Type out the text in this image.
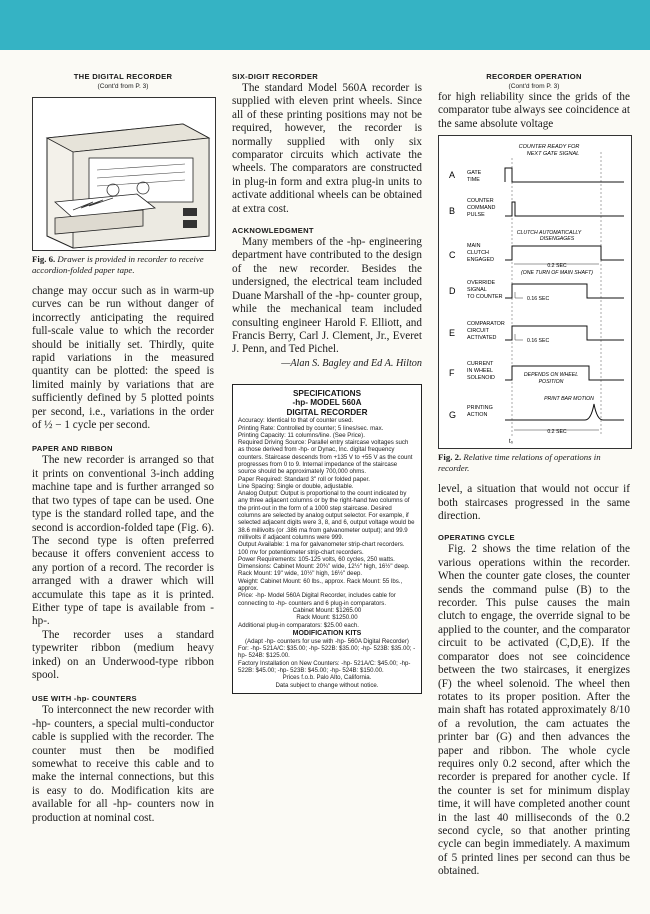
THE DIGITAL RECORDER

(Cont'd from P. 3)

Fig. 6. Drawer is provided in recorder to receive accordion-folded paper tape.

change may occur such as in warm-up curves can be run without danger of incorrectly anticipating the required full-scale value to which the recorder should be initially set. Thirdly, quite rapid variations in the measured quantity can be plotted: the speed is limited mainly by variations that are sufficiently defined by 5 plotted points per second, i.e., variations in the order of ½ − 1 cycle per second.

PAPER AND RIBBON

The new recorder is arranged so that it prints on conventional 3-inch adding machine tape and is further arranged so that two types of tape can be used. One type is the standard rolled tape, and the second is accordion-folded tape (Fig. 6). The second type is often preferred because it offers convenient access to any portion of a record. The recorder is arranged with a drawer which will accumulate this tape as it is printed. Either type of tape is available from -hp-.

The recorder uses a standard typewriter ribbon (medium heavy inked) on an Underwood-type ribbon spool.

USE WITH -hp- COUNTERS

To interconnect the new recorder with -hp- counters, a special multi-conductor cable is supplied with the recorder. The counter must then be modified somewhat to receive this cable and to make the internal connections, but this is easy to do. Modification kits are available for all -hp- counters now in production at nominal cost.

SIX-DIGIT RECORDER

The standard Model 560A recorder is supplied with eleven print wheels. Since all of these printing positions may not be required, however, the recorder is normally supplied with only six comparator circuits which activate the wheels. The comparators are constructed in plug-in form and extra plug-in units to activate additional wheels can be obtained at extra cost.

ACKNOWLEDGMENT

Many members of the -hp- engineering department have contributed to the design of the new recorder. Besides the undersigned, the electrical team included Duane Marshall of the -hp- counter group, while the mechanical team included consulting engineer Harold F. Elliott, and Francis Berry, Carl J. Clement, Jr., Everet J. Penn, and Ted Pichel.

—Alan S. Bagley and Ed A. Hilton

SPECIFICATIONS

-hp- MODEL 560A

DIGITAL RECORDER

Accuracy: Identical to that of counter used.

Printing Rate: Controlled by counter; 5 lines/sec. max.

Printing Capacity: 11 columns/line. (See Price).

Required Driving Source: Parallel entry staircase voltages such as those derived from -hp- or Dynac, Inc. digital frequency counters. Staircase descends from +135 V to +55 V as the count progresses from 0 to 9. Internal impedance of the staircase source should be approximately 700,000 ohms.

Paper Required: Standard 3" roll or folded paper.

Line Spacing: Single or double, adjustable.

Analog Output: Output is proportional to the count indicated by any three adjacent columns or by the right-hand two columns of the print-out in the form of a 1000 step staircase. Desired columns are selected by analog output selector. For example, if selected adjacent digits were 3, 8, and 6, output voltage would be 38.6 millivolts (or .386 ma from galvanometer output); and 99.9 millivolts if adjacent columns were 999.

Output Available: 1 ma for galvanometer strip-chart recorders. 100 mv for potentiometer strip-chart recorders.

Power Requirements: 105-125 volts, 60 cycles, 250 watts.

Dimensions: Cabinet Mount: 20¾" wide, 12½" high, 16½" deep. Rack Mount: 19" wide, 10½" high, 16½" deep.

Weight: Cabinet Mount: 60 lbs., approx. Rack Mount: 55 lbs., approx.

Price: -hp- Model 560A Digital Recorder, includes cable for connecting to -hp- counters and 6 plug-in comparators.

Cabinet Mount: $1265.00

Rack Mount: $1250.00

Additional plug-in comparators: $25.00 each.

MODIFICATION KITS

(Adapt -hp- counters for use with -hp- 560A Digital Recorder)

For: -hp- 521A/C: $35.00; -hp- 522B: $35.00; -hp- 523B: $35.00; -hp- 524B: $125.00.

Factory Installation on New Counters: -hp- 521A/C: $45.00; -hp- 522B: $45.00; -hp- 523B: $45.00; -hp- 524B: $150.00.

Prices f.o.b. Palo Alto, California.

Data subject to change without notice.

RECORDER OPERATION

(Cont'd from P. 3)

for high reliability since the grids of the comparator tube always see coincidence at the same absolute voltage

COUNTER READY FOR
NEXT GATE SIGNAL
A GATE
TIME
B
COUNTER
COMMAND
PULSE
CLUTCH AUTOMATICALLY
DISENGAGES
C
MAIN
CLUTCH
ENGAGED
0.2 SEC
(ONE TURN OF MAIN SHAFT)
D
OVERRIDE
SIGNAL
TO COUNTER	0.16 SEC
E
COMPARATOR
CIRCUIT
ACTIVATED	0.16 SEC
F
CURRENT
IN WHEEL
SOLENOID	DEPENDS ON WHEEL
POSITION
G
PRINTING
ACTION
PRINT BAR MOTION
0.2 SEC
t₀

Fig. 2. Relative time relations of operations in recorder.

level, a situation that would not occur if both staircases progressed in the same direction.

OPERATING CYCLE

Fig. 2 shows the time relation of the various operations within the recorder. When the counter gate closes, the counter sends the command pulse (B) to the recorder. This pulse causes the main clutch to engage, the override signal to be applied to the counter, and the comparator circuit to be activated (C,D,E). If the comparator does not see coincidence between the two staircases, it energizes (F) the wheel solenoid. The wheel then rotates to its proper position. After the main shaft has rotated approximately 8/10 of a revolution, the cam actuates the printer bar (G) and then advances the paper and ribbon. The whole cycle requires only 0.2 second, after which the recorder is prepared for another cycle. If the counter is set for minimum display time, it will have completed another count in the last 40 milliseconds of the 0.2 second cycle, so that another printing cycle can begin immediately. A maximum of 5 printed lines per second can thus be obtained.
